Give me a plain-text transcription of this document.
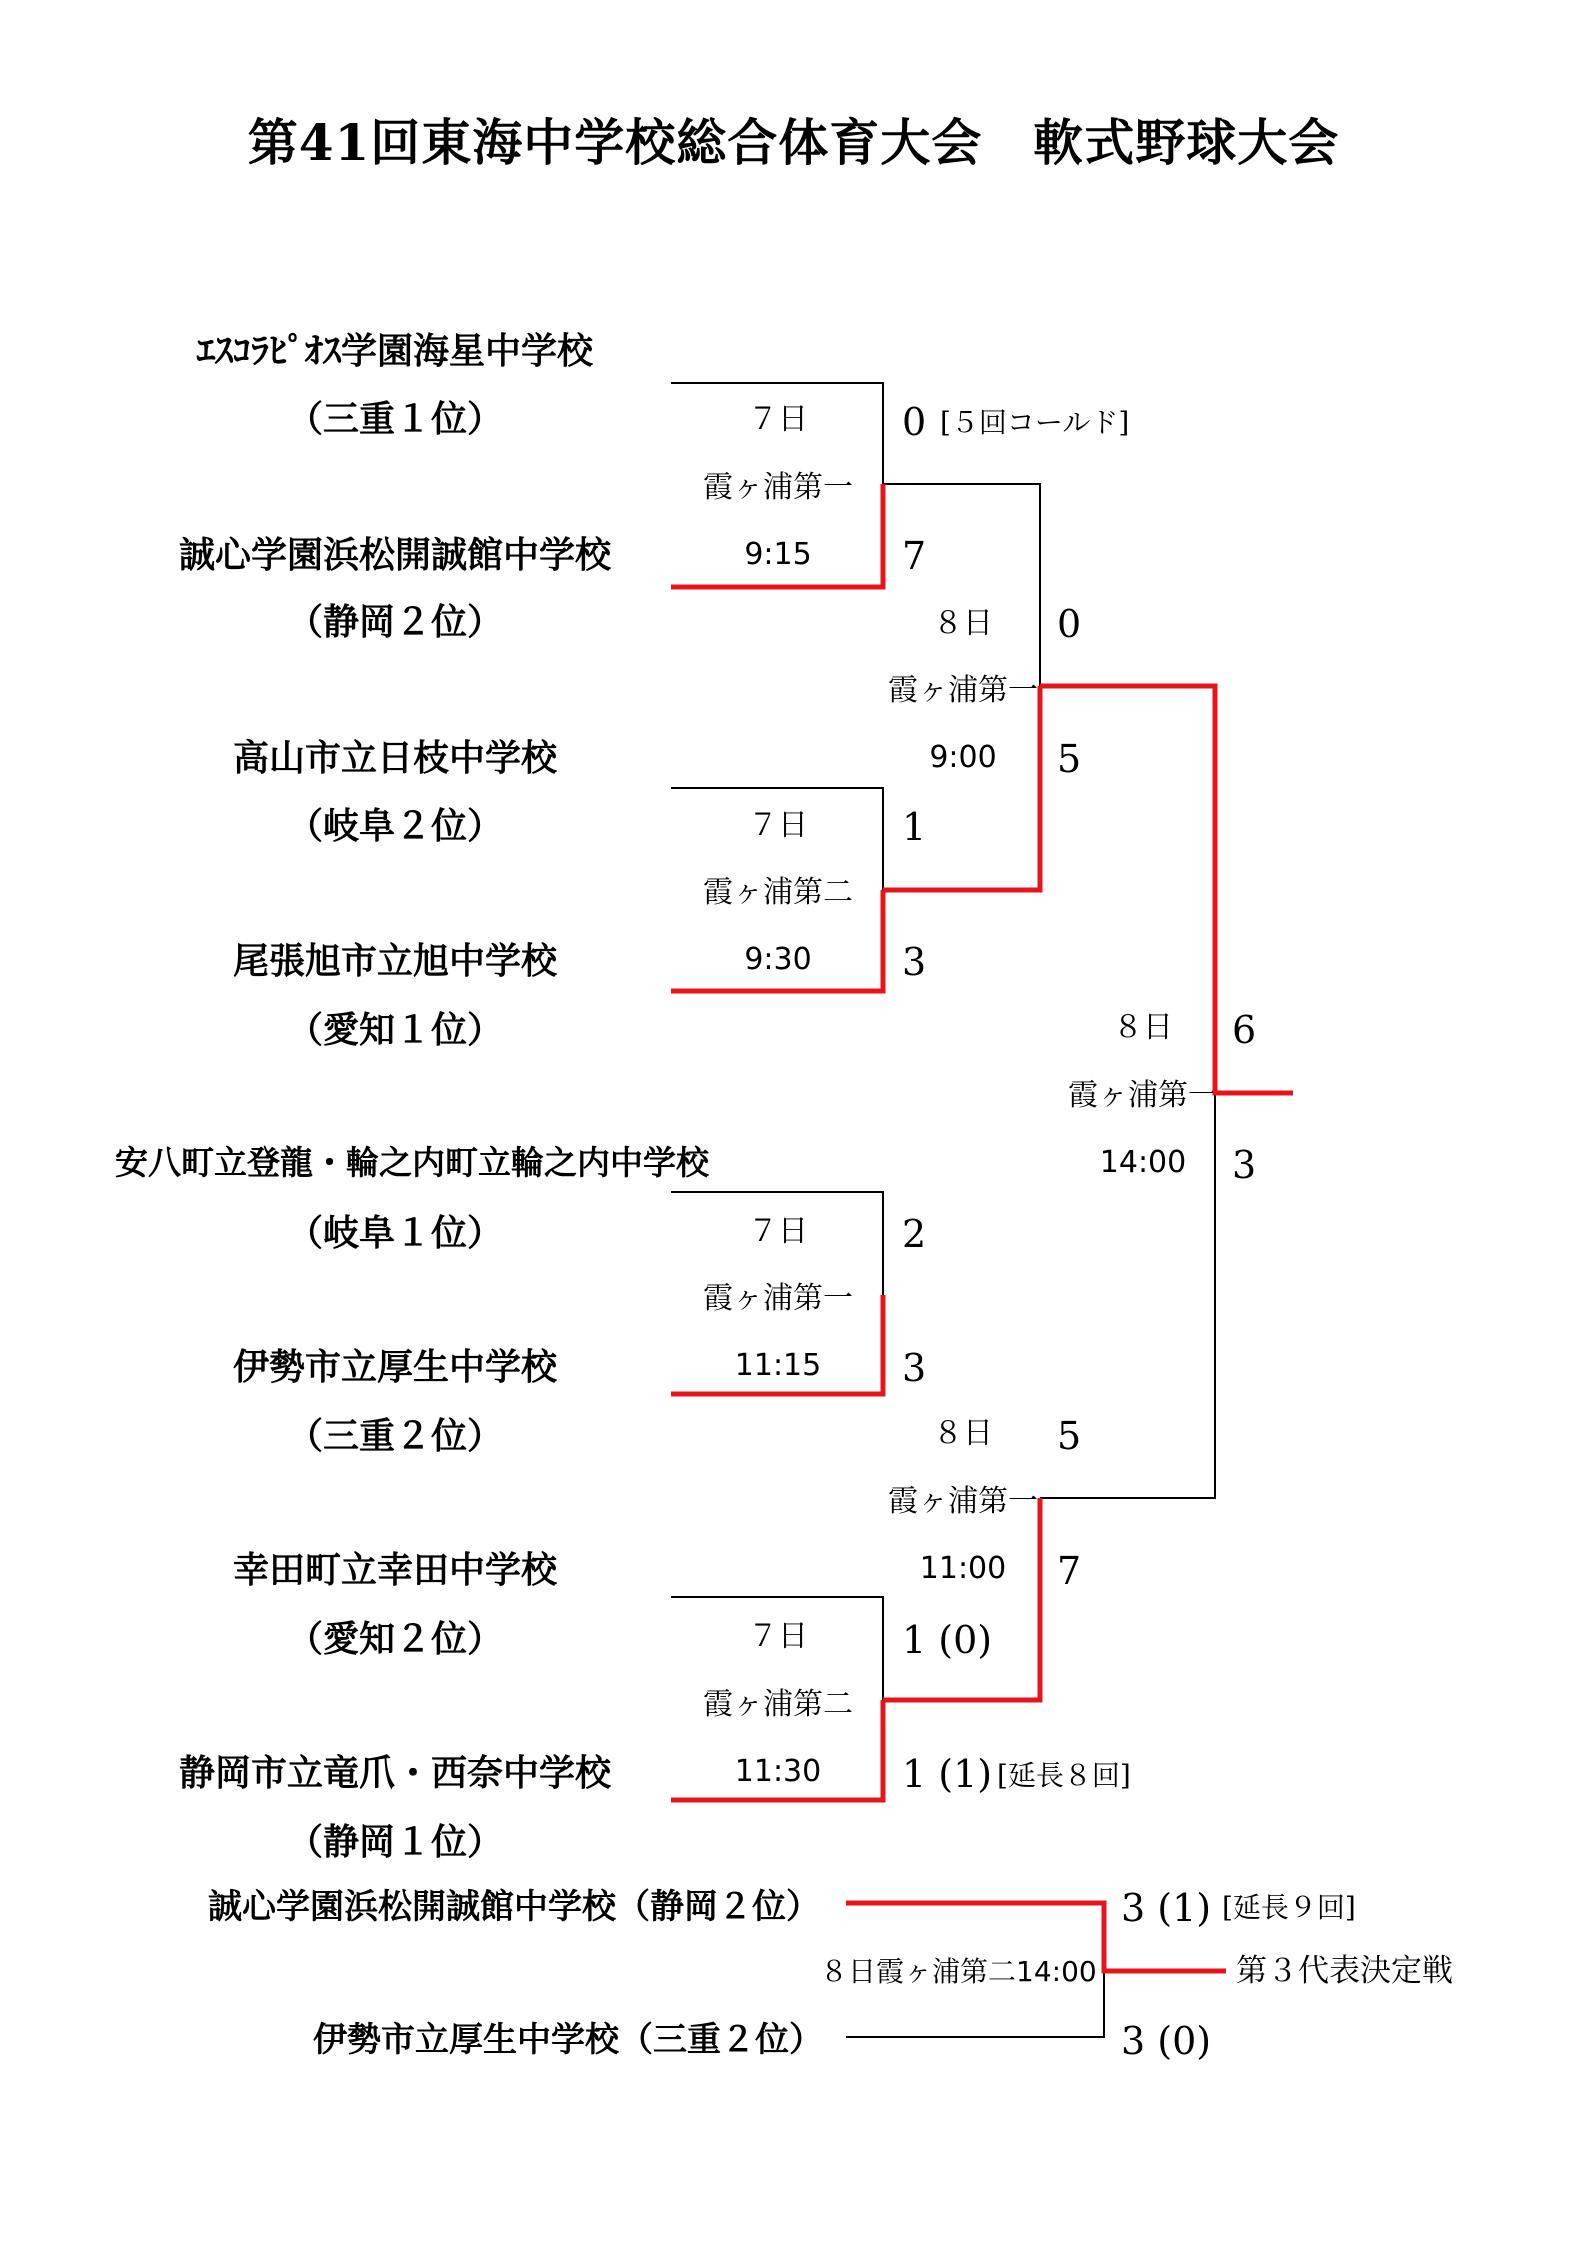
第41回東海中学校総合体育大会　軟式野球大会
ｴｽｺﾗﾋﾟｵｽ学園海星中学校
（三重１位）
誠心学園浜松開誠館中学校
（静岡２位）
高山市立日枝中学校
（岐阜２位）
尾張旭市立旭中学校
（愛知１位）
安八町立登龍・輪之内町立輪之内中学校
（岐阜１位）
伊勢市立厚生中学校
（三重２位）
幸田町立幸田中学校
（愛知２位）
静岡市立竜爪・西奈中学校
（静岡１位）
７日
霞ヶ浦第一
9:15
７日
霞ヶ浦第二
9:30
７日
霞ヶ浦第一
11:15
７日
霞ヶ浦第二
11:30
0 [５回コールド]
7
1
3
2
3
1 (0)
1 (1) [延長８回]
８日
霞ヶ浦第一
9:00
８日
霞ヶ浦第一
11:00
0
5
5
7
８日
霞ヶ浦第一
14:00
6
3
誠心学園浜松開誠館中学校（静岡２位）
伊勢市立厚生中学校（三重２位）
８日霞ヶ浦第二14:00
3 (1) [延長９回]
3 (0)
第３代表決定戦
